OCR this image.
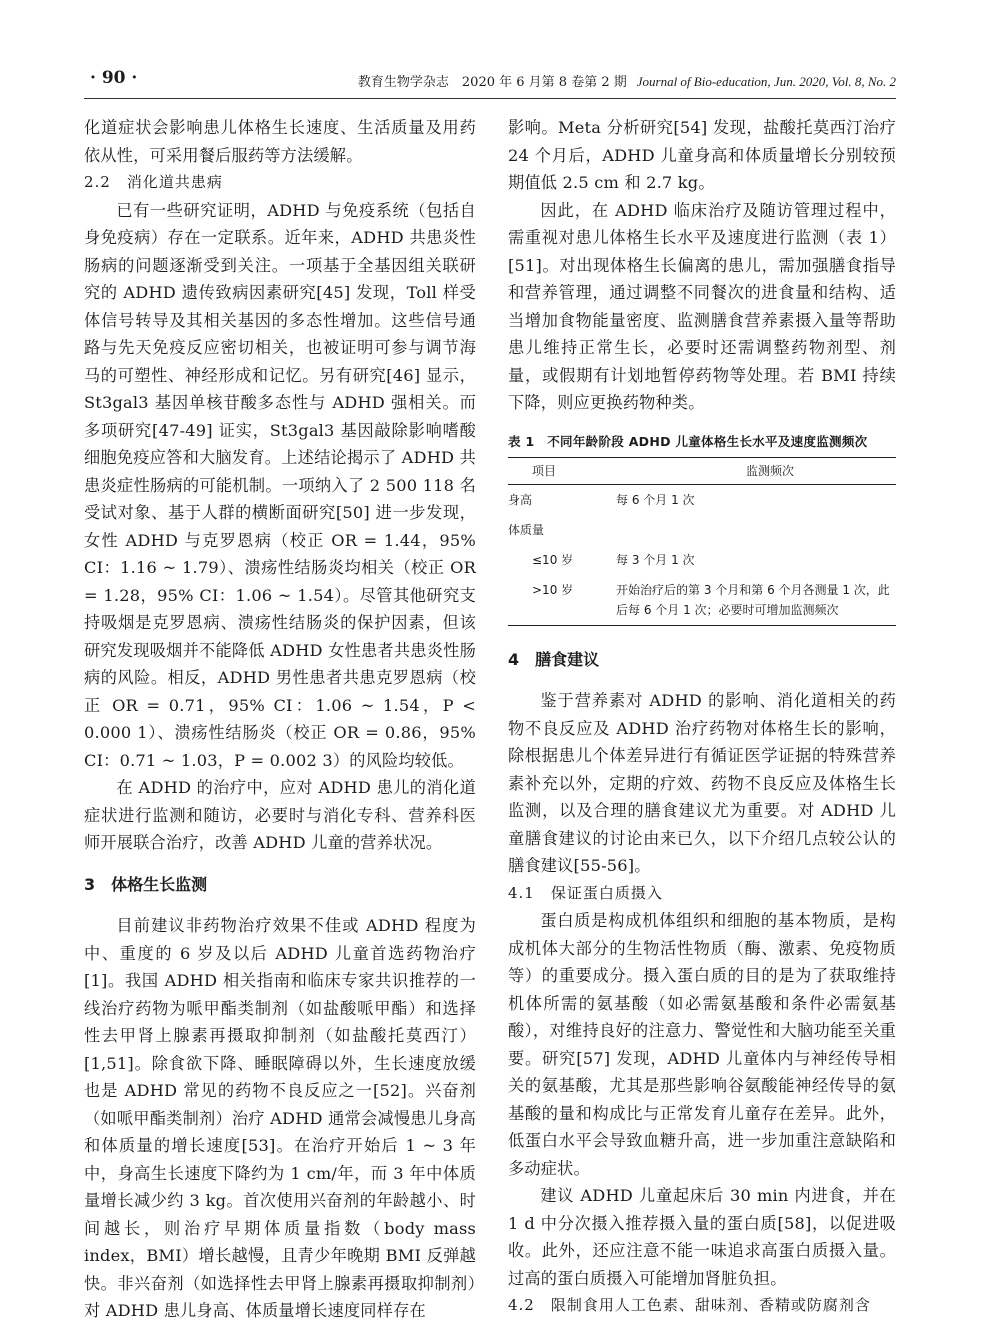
· 90 ·	教育生物学杂志　2020 年 6 月第 8 卷第 2 期 Journal of Bio-education, Jun. 2020, Vol. 8, No. 2

化道症状会影响患儿体格生长速度、生活质量及用药依从性，可采用餐后服药等方法缓解。

2.2　消化道共患病

已有一些研究证明，ADHD 与免疫系统（包括自身免疫病）存在一定联系。近年来，ADHD 共患炎性肠病的问题逐渐受到关注。一项基于全基因组关联研究的 ADHD 遗传致病因素研究[45] 发现，Toll 样受体信号转导及其相关基因的多态性增加。这些信号通路与先天免疫反应密切相关，也被证明可参与调节海马的可塑性、神经形成和记忆。另有研究[46] 显示，St3gal3 基因单核苷酸多态性与 ADHD 强相关。而多项研究[47-49] 证实，St3gal3 基因敲除影响嗜酸细胞免疫应答和大脑发育。上述结论揭示了 ADHD 共患炎症性肠病的可能机制。一项纳入了 2 500 118 名受试对象、基于人群的横断面研究[50] 进一步发现，女性 ADHD 与克罗恩病（校正 OR = 1.44，95% CI：1.16 ~ 1.79）、溃疡性结肠炎均相关（校正 OR = 1.28，95% CI：1.06 ~ 1.54）。尽管其他研究支持吸烟是克罗恩病、溃疡性结肠炎的保护因素，但该研究发现吸烟并不能降低 ADHD 女性患者共患炎性肠病的风险。相反，ADHD 男性患者共患克罗恩病（校正 OR = 0.71，95% CI：1.06 ~ 1.54，P < 0.000 1）、溃疡性结肠炎（校正 OR = 0.86，95% CI：0.71 ~ 1.03，P = 0.002 3）的风险均较低。

在 ADHD 的治疗中，应对 ADHD 患儿的消化道症状进行监测和随访，必要时与消化专科、营养科医师开展联合治疗，改善 ADHD 儿童的营养状况。

3　体格生长监测

目前建议非药物治疗效果不佳或 ADHD 程度为中、重度的 6 岁及以后 ADHD 儿童首选药物治疗[1]。我国 ADHD 相关指南和临床专家共识推荐的一线治疗药物为哌甲酯类制剂（如盐酸哌甲酯）和选择性去甲肾上腺素再摄取抑制剂（如盐酸托莫西汀）[1,51]。除食欲下降、睡眠障碍以外，生长速度放缓也是 ADHD 常见的药物不良反应之一[52]。兴奋剂（如哌甲酯类制剂）治疗 ADHD 通常会减慢患儿身高和体质量的增长速度[53]。在治疗开始后 1 ~ 3 年中，身高生长速度下降约为 1 cm/年，而 3 年中体质量增长减少约 3 kg。首次使用兴奋剂的年龄越小、时间越长，则治疗早期体质量指数（body mass index，BMI）增长越慢，且青少年晚期 BMI 反弹越快。非兴奋剂（如选择性去甲肾上腺素再摄取抑制剂）对 ADHD 患儿身高、体质量增长速度同样存在

影响。Meta 分析研究[54] 发现，盐酸托莫西汀治疗 24 个月后，ADHD 儿童身高和体质量增长分别较预期值低 2.5 cm 和 2.7 kg。

因此，在 ADHD 临床治疗及随访管理过程中，需重视对患儿体格生长水平及速度进行监测（表 1）[51]。对出现体格生长偏离的患儿，需加强膳食指导和营养管理，通过调整不同餐次的进食量和结构、适当增加食物能量密度、监测膳食营养素摄入量等帮助患儿维持正常生长，必要时还需调整药物剂型、剂量，或假期有计划地暂停药物等处理。若 BMI 持续下降，则应更换药物种类。

表 1　不同年龄阶段 ADHD 儿童体格生长水平及速度监测频次

项目	监测频次
身高	每 6 个月 1 次
体质量	
≤10 岁	每 3 个月 1 次
>10 岁	开始治疗后的第 3 个月和第 6 个月各测量 1 次，此后每 6 个月 1 次；必要时可增加监测频次

4　膳食建议

鉴于营养素对 ADHD 的影响、消化道相关的药物不良反应及 ADHD 治疗药物对体格生长的影响，除根据患儿个体差异进行有循证医学证据的特殊营养素补充以外，定期的疗效、药物不良反应及体格生长监测，以及合理的膳食建议尤为重要。对 ADHD 儿童膳食建议的讨论由来已久，以下介绍几点较公认的膳食建议[55-56]。

4.1　保证蛋白质摄入

蛋白质是构成机体组织和细胞的基本物质，是构成机体大部分的生物活性物质（酶、激素、免疫物质等）的重要成分。摄入蛋白质的目的是为了获取维持机体所需的氨基酸（如必需氨基酸和条件必需氨基酸），对维持良好的注意力、警觉性和大脑功能至关重要。研究[57] 发现，ADHD 儿童体内与神经传导相关的氨基酸，尤其是那些影响谷氨酸能神经传导的氨基酸的量和构成比与正常发育儿童存在差异。此外，低蛋白水平会导致血糖升高，进一步加重注意缺陷和多动症状。

建议 ADHD 儿童起床后 30 min 内进食，并在 1 d 中分次摄入推荐摄入量的蛋白质[58]，以促进吸收。此外，还应注意不能一味追求高蛋白质摄入量。过高的蛋白质摄入可能增加肾脏负担。

4.2　限制食用人工色素、甜味剂、香精或防腐剂含
